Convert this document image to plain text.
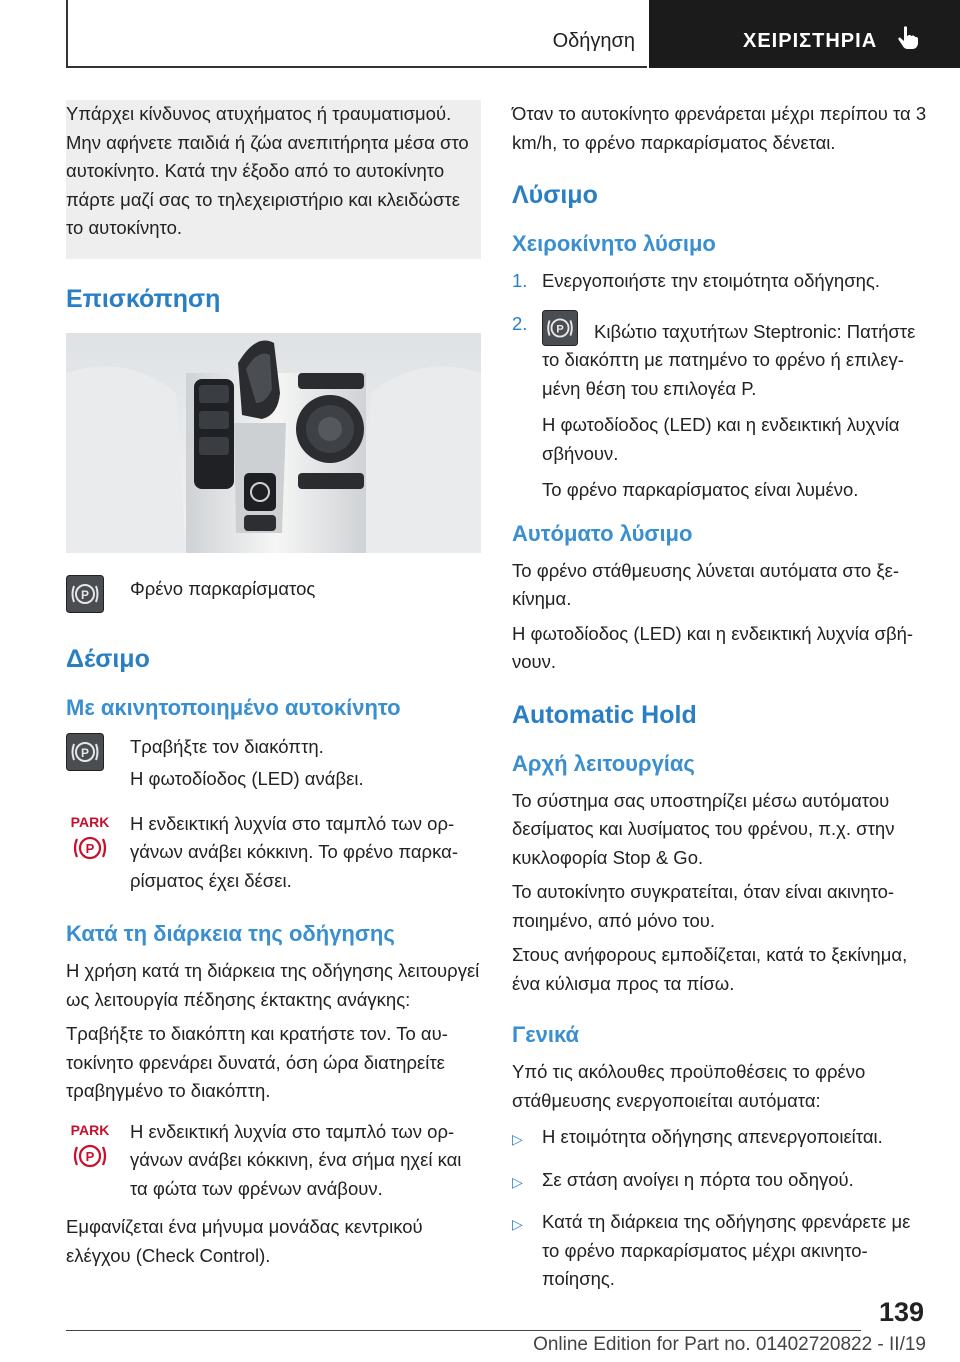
Οδήγηση	ΧΕΙΡΙΣΤΗΡΙΑ

Υπάρχει κίνδυνος ατυχήματος ή τραυματισμού. Μην αφήνετε παιδιά ή ζώα ανεπιτήρητα μέσα στο αυτοκίνητο. Κατά την έξοδο από το αυτοκίνητο πάρτε μαζί σας το τηλεχειριστήριο και κλειδώστε το αυτοκίνητο.

Επισκόπηση
P Φρένο παρκαρίσματος
Δέσιμο
Με ακινητοποιημένο αυτοκίνητο
P Τραβήξτε τον διακόπτη.

Η φωτοδίοδος (LED) ανάβει.

PARK
P
Η ενδεικτική λυχνία στο ταμπλό των οργάνων ανάβει κόκκινη. Το φρένο παρκαρίσματος έχει δέσει.
Κατά τη διάρκεια της οδήγησης

Η χρήση κατά τη διάρκεια της οδήγησης λειτουργεί ως λειτουργία πέδησης έκτακτης ανάγκης:

Τραβήξτε το διακόπτη και κρατήστε τον. Το αυτοκίνητο φρενάρει δυνατά, όση ώρα διατηρείτε τραβηγμένο το διακόπτη.

PARK
P
Η ενδεικτική λυχνία στο ταμπλό των οργάνων ανάβει κόκκινη, ένα σήμα ηχεί και τα φώτα των φρένων ανάβουν.

Εμφανίζεται ένα μήνυμα μονάδας κεντρικού ελέγχου (Check Control).

Όταν το αυτοκίνητο φρενάρεται μέχρι περίπου τα 3 km/h, το φρένο παρκαρίσματος δένεται.

Λύσιμο
Χειροκίνητο λύσιμο
1. Ενεργοποιήστε την ετοιμότητα οδήγησης.

2.	P Κιβώτιο ταχυτήτων Steptronic: Πατήστε το διακόπτη με πατημένο το φρένο ή επιλεγμένη θέση του επιλογέα P.

Η φωτοδίοδος (LED) και η ενδεικτική λυχνία σβήνουν.

Το φρένο παρκαρίσματος είναι λυμένο.

Αυτόματο λύσιμο

Το φρένο στάθμευσης λύνεται αυτόματα στο ξεκίνημα.

Η φωτοδίοδος (LED) και η ενδεικτική λυχνία σβήνουν.

Automatic Hold
Αρχή λειτουργίας

Το σύστημα σας υποστηρίζει μέσω αυτόματου δεσίματος και λυσίματος του φρένου, π.χ. στην κυκλοφορία Stop & Go.

Το αυτοκίνητο συγκρατείται, όταν είναι ακινητοποιημένο, από μόνο του.

Στους ανήφορους εμποδίζεται, κατά το ξεκίνημα, ένα κύλισμα προς τα πίσω.

Γενικά

Υπό τις ακόλουθες προϋποθέσεις το φρένο στάθμευσης ενεργοποιείται αυτόματα:

▷	Η ετοιμότητα οδήγησης απενεργοποιείται.
▷	Σε στάση ανοίγει η πόρτα του οδηγού.
▷	Κατά τη διάρκεια της οδήγησης φρενάρετε με το φρένο παρκαρίσματος μέχρι ακινητοποίησης.
139
Online Edition for Part no. 01402720822 - II/19
